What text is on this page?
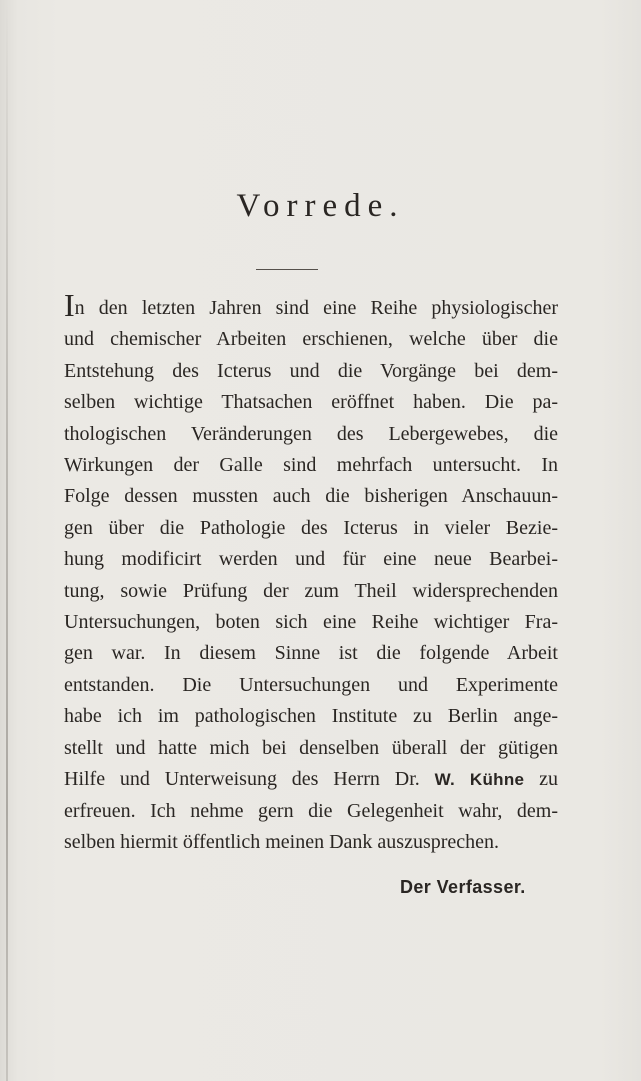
Vorrede.
In den letzten Jahren sind eine Reihe physiologischer
und chemischer Arbeiten erschienen, welche über die
Entstehung des Icterus und die Vorgänge bei dem-
selben wichtige Thatsachen eröffnet haben. Die pa-
thologischen Veränderungen des Lebergewebes, die
Wirkungen der Galle sind mehrfach untersucht. In
Folge dessen mussten auch die bisherigen Anschauun-
gen über die Pathologie des Icterus in vieler Bezie-
hung modificirt werden und für eine neue Bearbei-
tung, sowie Prüfung der zum Theil widersprechenden
Untersuchungen, boten sich eine Reihe wichtiger Fra-
gen war. In diesem Sinne ist die folgende Arbeit
entstanden. Die Untersuchungen und Experimente
habe ich im pathologischen Institute zu Berlin ange-
stellt und hatte mich bei denselben überall der gütigen
Hilfe und Unterweisung des Herrn Dr. W. Kühne zu
erfreuen. Ich nehme gern die Gelegenheit wahr, dem-
selben hiermit öffentlich meinen Dank auszusprechen.

Der Verfasser.
